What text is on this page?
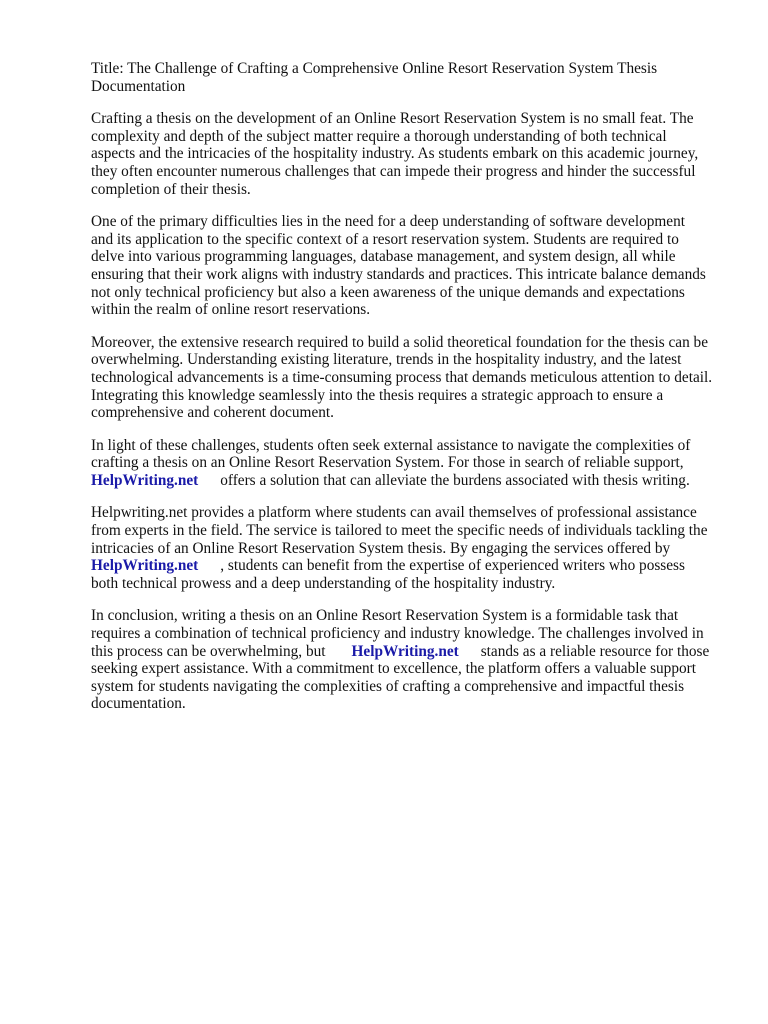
Title: The Challenge of Crafting a Comprehensive Online Resort Reservation System Thesis
Documentation

Crafting a thesis on the development of an Online Resort Reservation System is no small feat. The
complexity and depth of the subject matter require a thorough understanding of both technical
aspects and the intricacies of the hospitality industry. As students embark on this academic journey,
they often encounter numerous challenges that can impede their progress and hinder the successful
completion of their thesis.

One of the primary difficulties lies in the need for a deep understanding of software development
and its application to the specific context of a resort reservation system. Students are required to
delve into various programming languages, database management, and system design, all while
ensuring that their work aligns with industry standards and practices. This intricate balance demands
not only technical proficiency but also a keen awareness of the unique demands and expectations
within the realm of online resort reservations.

Moreover, the extensive research required to build a solid theoretical foundation for the thesis can be
overwhelming. Understanding existing literature, trends in the hospitality industry, and the latest
technological advancements is a time-consuming process that demands meticulous attention to detail.
Integrating this knowledge seamlessly into the thesis requires a strategic approach to ensure a
comprehensive and coherent document.

In light of these challenges, students often seek external assistance to navigate the complexities of
crafting a thesis on an Online Resort Reservation System. For those in search of reliable support,
HelpWriting.net offers a solution that can alleviate the burdens associated with thesis writing.

Helpwriting.net provides a platform where students can avail themselves of professional assistance
from experts in the field. The service is tailored to meet the specific needs of individuals tackling the
intricacies of an Online Resort Reservation System thesis. By engaging the services offered by
HelpWriting.net , students can benefit from the expertise of experienced writers who possess
both technical prowess and a deep understanding of the hospitality industry.

In conclusion, writing a thesis on an Online Resort Reservation System is a formidable task that
requires a combination of technical proficiency and industry knowledge. The challenges involved in
this process can be overwhelming, but HelpWriting.net stands as a reliable resource for those
seeking expert assistance. With a commitment to excellence, the platform offers a valuable support
system for students navigating the complexities of crafting a comprehensive and impactful thesis
documentation.
